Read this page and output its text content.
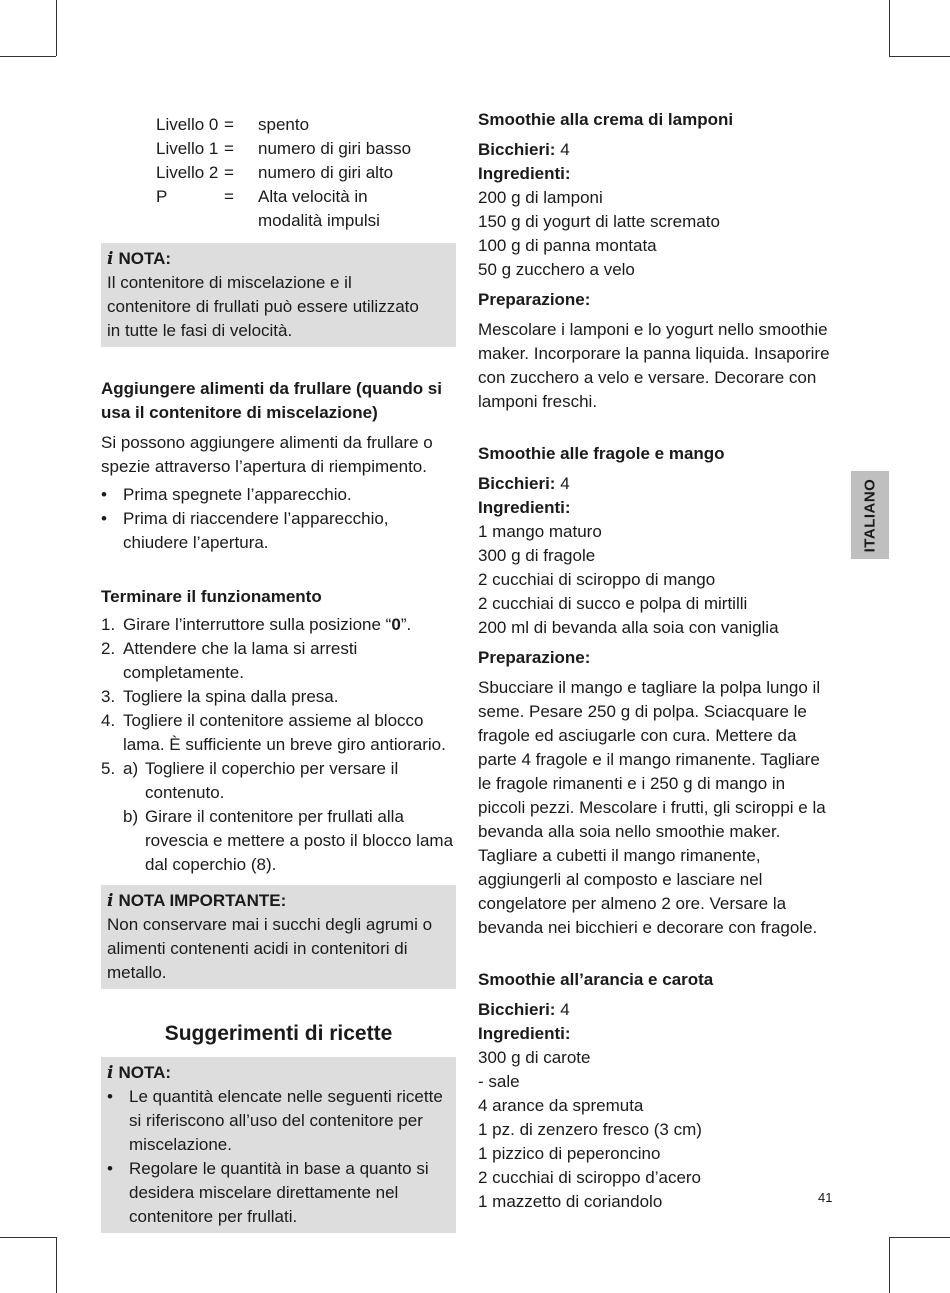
Livello 0 =	spento
Livello 1 =	numero di giri basso
Livello 2 =	numero di giri alto
P	=	Alta velocità in modalità impulsi
i NOTA:

Il contenitore di miscelazione e il contenitore di frullati può essere utilizzato in tutte le fasi di velocità.

Aggiungere alimenti da frullare (quando si usa il contenitore di miscelazione)

Si possono aggiungere alimenti da frullare o spezie attraverso l’apertura di riempimento.

• Prima spegnete l’apparecchio.
• Prima di riaccendere l’apparecchio, chiudere l’apertura.
Terminare il funzionamento
1. Girare l’interruttore sulla posizione “0”.
2. Attendere che la lama si arresti completamente.
3. Togliere la spina dalla presa.
4. Togliere il contenitore assieme al blocco lama. È sufficiente un breve giro antiorario.
5. a) Togliere il coperchio per versare il contenuto.
b) Girare il contenitore per frullati alla rovescia e mettere a posto il blocco lama dal coperchio (8).
i NOTA IMPORTANTE:

Non conservare mai i succhi degli agrumi o alimenti contenenti acidi in contenitori di metallo.

Suggerimenti di ricette
i NOTA:
• Le quantità elencate nelle seguenti ricette si riferiscono all’uso del contenitore per miscelazione.
• Regolare le quantità in base a quanto si desidera miscelare direttamente nel contenitore per frullati.
Smoothie alla crema di lamponi
Bicchieri: 4
Ingredienti:
200 g di lamponi
150 g di yogurt di latte scremato
100 g di panna montata
50 g zucchero a velo
Preparazione:

Mescolare i lamponi e lo yogurt nello smoothie maker. Incorporare la panna liquida. Insaporire con zucchero a velo e versare. Decorare con lamponi freschi.

Smoothie alle fragole e mango
Bicchieri: 4
Ingredienti:
1 mango maturo
300 g di fragole
2 cucchiai di sciroppo di mango
2 cucchiai di succo e polpa di mirtilli
200 ml di bevanda alla soia con vaniglia
Preparazione:

Sbucciare il mango e tagliare la polpa lungo il seme. Pesare 250 g di polpa. Sciacquare le fragole ed asciugarle con cura. Mettere da parte 4 fragole e il mango rimanente. Tagliare le fragole rimanenti e i 250 g di mango in piccoli pezzi. Mescolare i frutti, gli sciroppi e la bevanda alla soia nello smoothie maker. Tagliare a cubetti il mango rimanente, aggiungerli al composto e lasciare nel congelatore per almeno 2 ore. Versare la bevanda nei bicchieri e decorare con fragole.

Smoothie all’arancia e carota
Bicchieri: 4
Ingredienti:
300 g di carote
- sale
4 arance da spremuta
1 pz. di zenzero fresco (3 cm)
1 pizzico di peperoncino
2 cucchiai di sciroppo d’acero
1 mazzetto di coriandolo
ITALIANO
41
